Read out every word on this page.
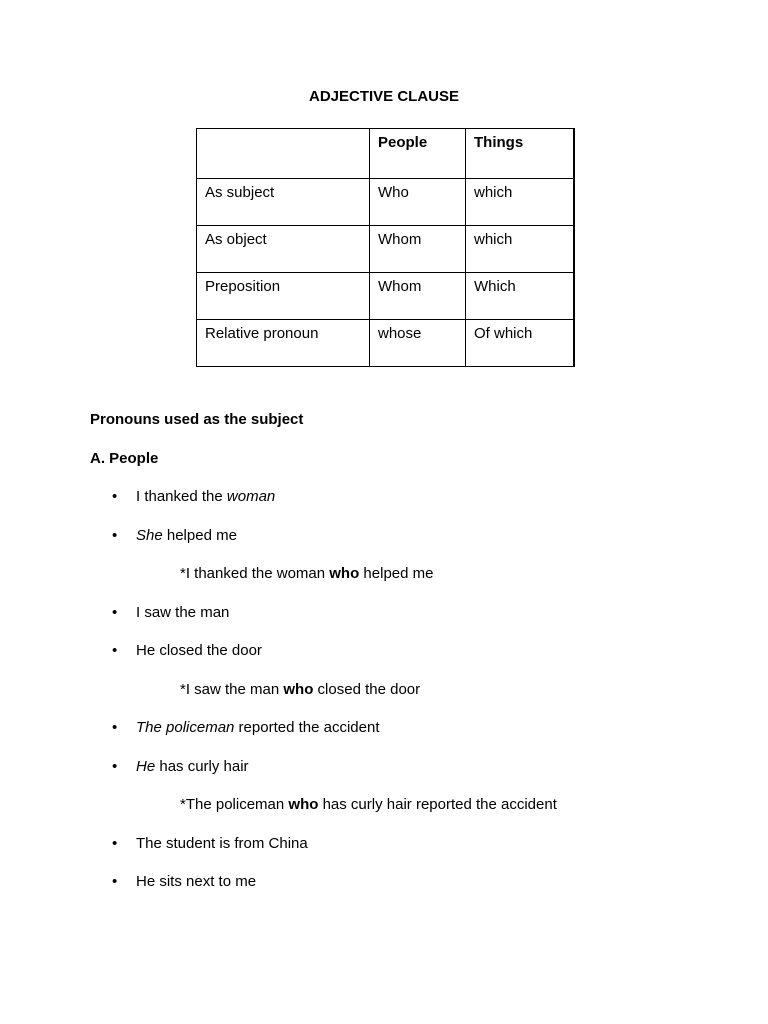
ADJECTIVE CLAUSE
	People	Things
As subject	Who	which
As object	Whom	which
Preposition	Whom	Which
Relative pronoun	whose	Of which
Pronouns used as the subject
A. People
• I thanked the woman
• She helped me
*I thanked the woman who helped me
• I saw the man
• He closed the door
*I saw the man who closed the door
• The policeman reported the accident
• He has curly hair
*The policeman who has curly hair reported the accident
• The student is from China
• He sits next to me
